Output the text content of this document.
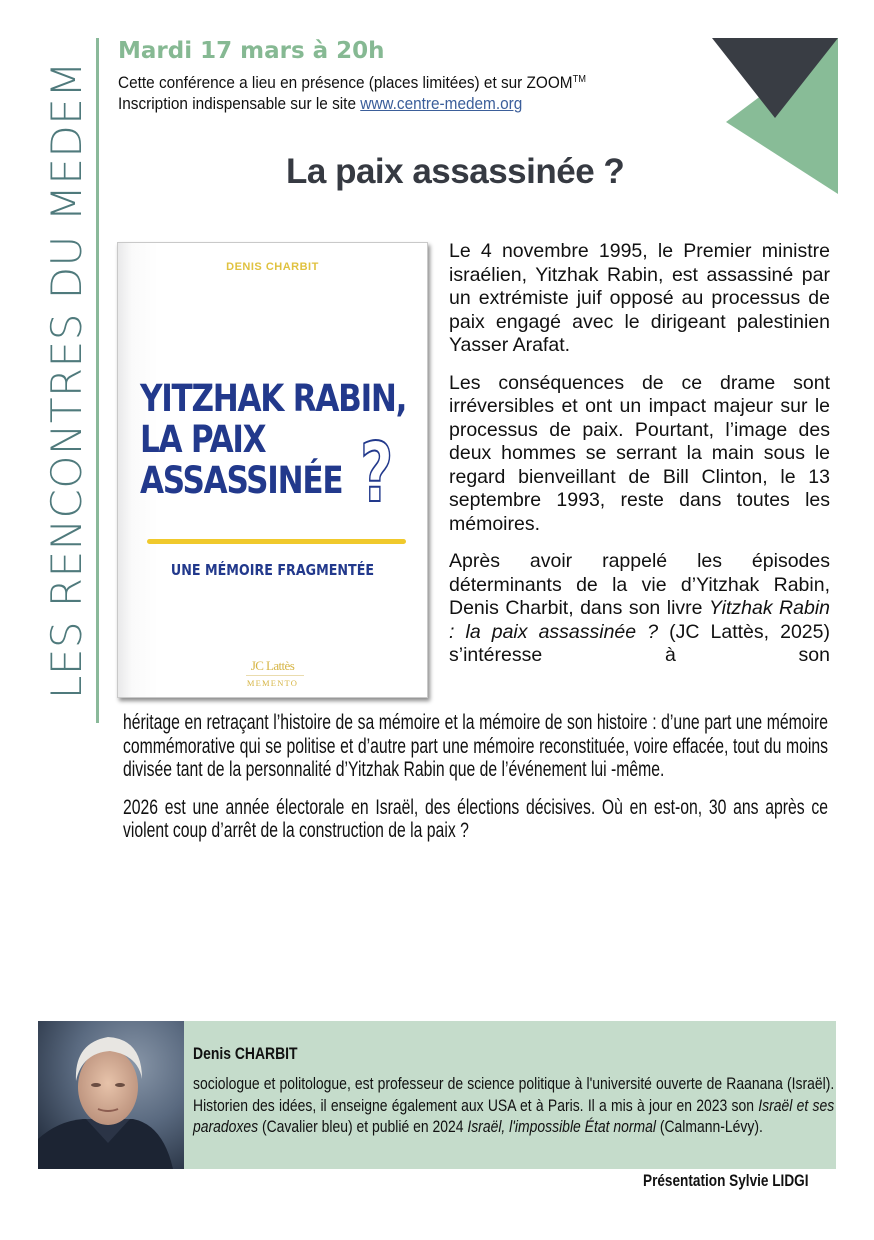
LES RENCONTRES DU MEDEM
Mardi 17 mars à 20h
Cette conférence a lieu en présence (places limitées) et sur ZOOM™
Inscription indispensable sur le site www.centre-medem.org
La paix assassinée ?
DENIS CHARBIT
YITZHAK RABIN,
LA PAIX
ASSASSINÉE ?
UNE MÉMOIRE FRAGMENTÉE
JC Lattès
MEMENTO

Le 4 novembre 1995, le Premier ministre israélien, Yitzhak Rabin, est assassiné par un extrémiste juif opposé au processus de paix engagé avec le dirigeant palestinien Yasser Arafat.

Les conséquences de ce drame sont irréversibles et ont un impact majeur sur le processus de paix. Pourtant, l’image des deux hommes se serrant la main sous le regard bienveillant de Bill Clinton, le 13 septembre 1993, reste dans toutes les mémoires.

Après avoir rappelé les épisodes déterminants de la vie d’Yitzhak Rabin, Denis Charbit, dans son livre Yitzhak Rabin : la paix assassinée ? (JC Lattès, 2025) s’intéresse à son

héritage en retraçant l’histoire de sa mémoire et la mémoire de son histoire : d’une part une mémoire commémorative qui se politise et d’autre part une mémoire reconstituée, voire effacée, tout du moins divisée tant de la personnalité d’Yitzhak Rabin que de l’événement lui -même.

2026 est une année électorale en Israël, des élections décisives. Où en est-on, 30 ans après ce violent coup d’arrêt de la construction de la paix ?

Denis CHARBIT
sociologue et politologue, est professeur de science politique à l'université ouverte de Raanana (Israël). Historien des idées, il enseigne également aux USA et à Paris. Il a mis à jour en 2023 son Israël et ses paradoxes (Cavalier bleu) et publié en 2024 Israël, l'impossible État normal (Calmann-Lévy).
Présentation Sylvie LIDGI
